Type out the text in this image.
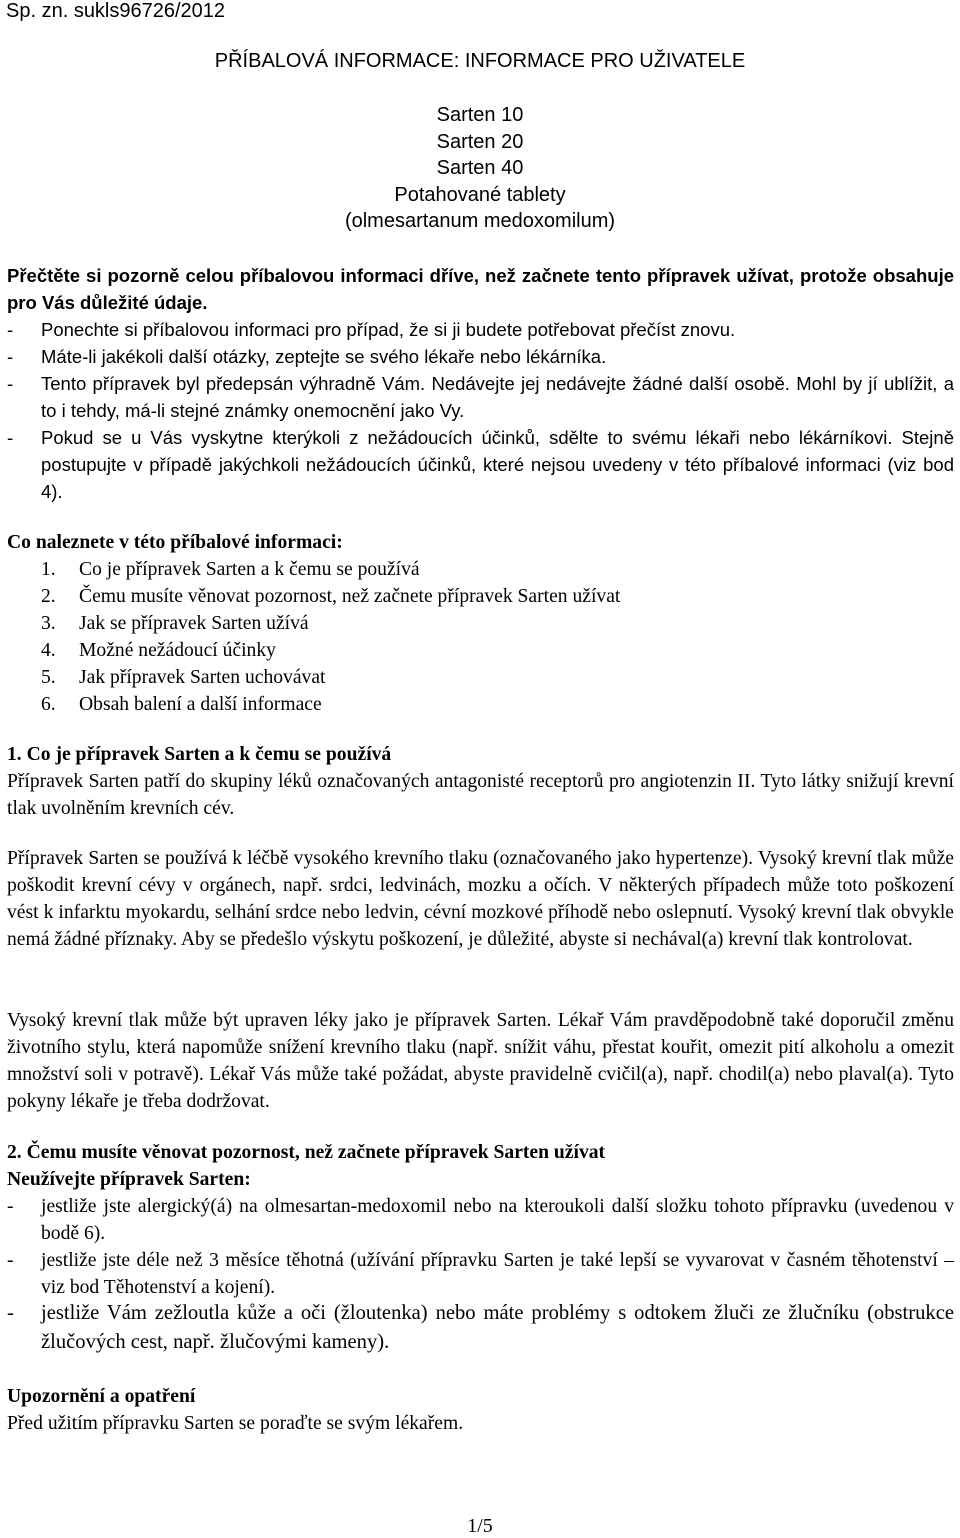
Sp. zn. sukls96726/2012
PŘÍBALOVÁ INFORMACE: INFORMACE PRO UŽIVATELE
Sarten 10
Sarten 20
Sarten 40
Potahované tablety
(olmesartanum medoxomilum)

Přečtěte si pozorně celou příbalovou informaci dříve, než začnete tento přípravek užívat, protože obsahuje pro Vás důležité údaje.

- Ponechte si příbalovou informaci pro případ, že si ji budete potřebovat přečíst znovu.
- Máte-li jakékoli další otázky, zeptejte se svého lékaře nebo lékárníka.
- Tento přípravek byl předepsán výhradně Vám. Nedávejte jej nedávejte žádné další osobě. Mohl by jí ublížit, a to i tehdy, má-li stejné známky onemocnění jako Vy.
- Pokud se u Vás vyskytne kterýkoli z nežádoucích účinků, sdělte to svému lékaři nebo lékárníkovi. Stejně postupujte v případě jakýchkoli nežádoucích účinků, které nejsou uvedeny v této příbalové informaci (viz bod 4).

Co naleznete v této příbalové informaci:

1. Co je přípravek Sarten a k čemu se používá
2. Čemu musíte věnovat pozornost, než začnete přípravek Sarten užívat
3. Jak se přípravek Sarten užívá
4. Možné nežádoucí účinky
5. Jak přípravek Sarten uchovávat
6. Obsah balení a další informace

1. Co je přípravek Sarten a k čemu se používá

Přípravek Sarten patří do skupiny léků označovaných antagonisté receptorů pro angiotenzin II. Tyto látky snižují krevní tlak uvolněním krevních cév.

Přípravek Sarten se používá k léčbě vysokého krevního tlaku (označovaného jako hypertenze). Vysoký krevní tlak může poškodit krevní cévy v orgánech, např. srdci, ledvinách, mozku a očích. V některých případech může toto poškození vést k infarktu myokardu, selhání srdce nebo ledvin, cévní mozkové příhodě nebo oslepnutí. Vysoký krevní tlak obvykle nemá žádné příznaky. Aby se předešlo výskytu poškození, je důležité, abyste si nechával(a) krevní tlak kontrolovat.

Vysoký krevní tlak může být upraven léky jako je přípravek Sarten. Lékař Vám pravděpodobně také doporučil změnu životního stylu, která napomůže snížení krevního tlaku (např. snížit váhu, přestat kouřit, omezit pití alkoholu a omezit množství soli v potravě). Lékař Vás může také požádat, abyste pravidelně cvičil(a), např. chodil(a) nebo plaval(a). Tyto pokyny lékaře je třeba dodržovat.

2. Čemu musíte věnovat pozornost, než začnete přípravek Sarten užívat

Neužívejte přípravek Sarten:

- jestliže jste alergický(á) na olmesartan-medoxomil nebo na kteroukoli další složku tohoto přípravku (uvedenou v bodě 6).
- jestliže jste déle než 3 měsíce těhotná (užívání přípravku Sarten je také lepší se vyvarovat v časném těhotenství – viz bod Těhotenství a kojení).
- jestliže Vám zežloutla kůže a oči (žloutenka) nebo máte problémy s odtokem žluči ze žlučníku (obstrukce žlučových cest, např. žlučovými kameny).

Upozornění a opatření

Před užitím přípravku Sarten se poraďte se svým lékařem.

1/5
